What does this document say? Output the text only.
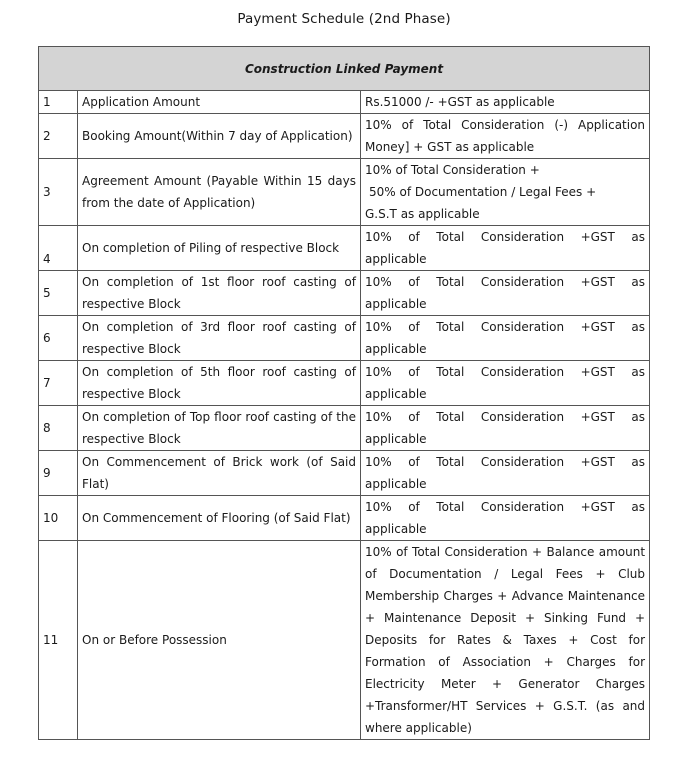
Payment Schedule (2nd Phase)
Construction Linked Payment		
1	Application Amount	Rs.51000 /- +GST as applicable
2	Booking Amount(Within 7 day of Application)	10% of Total Consideration (-) Application Money] + GST as applicable
3	Agreement Amount (Payable Within 15 days from the date of Application)	10% of Total Consideration +
50% of Documentation / Legal Fees +
G.S.T as applicable

4	On completion of Piling of respective Block	10% of Total Consideration +GST as applicable
5	On completion of 1st floor roof casting of respective Block	10% of Total Consideration +GST as applicable
6	On completion of 3rd floor roof casting of respective Block	10% of Total Consideration +GST as applicable
7	On completion of 5th floor roof casting of respective Block	10% of Total Consideration +GST as applicable
8	On completion of Top floor roof casting of the respective Block	10% of Total Consideration +GST as applicable
9	On Commencement of Brick work (of Said Flat)	10% of Total Consideration +GST as applicable
10	On Commencement of Flooring (of Said Flat)	10% of Total Consideration +GST as applicable
11	On or Before Possession	10% of Total Consideration + Balance amount of Documentation / Legal Fees + Club Membership Charges + Advance Maintenance + Maintenance Deposit + Sinking Fund + Deposits for Rates & Taxes + Cost for Formation of Association + Charges for Electricity Meter + Generator Charges +Transformer/HT Services + G.S.T. (as and where applicable)
